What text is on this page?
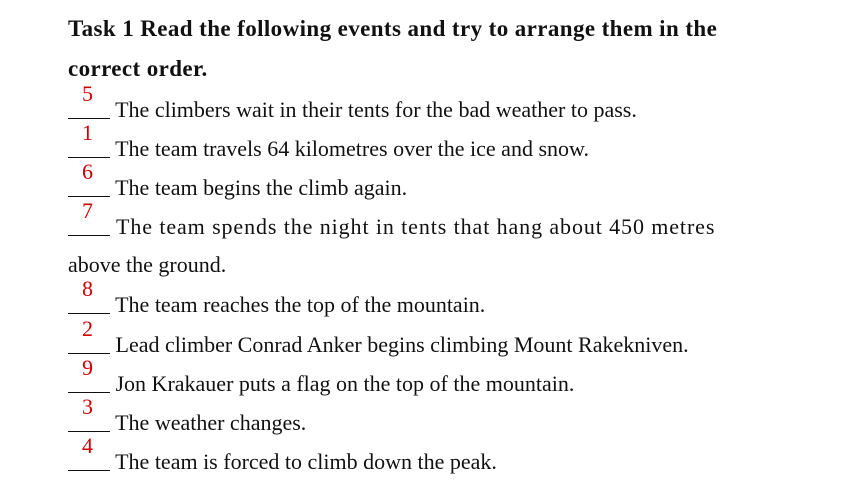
Task 1 Read the following events and try to arrange them in the
correct order.
5
The climbers wait in their tents for the bad weather to pass.
1
The team travels 64 kilometres over the ice and snow.
6
The team begins the climb again.
7
The team spends the night in tents that hang about 450 metres
above the ground.
8
The team reaches the top of the mountain.
2
Lead climber Conrad Anker begins climbing Mount Rakekniven.
9
Jon Krakauer puts a flag on the top of the mountain.
3
The weather changes.
4
The team is forced to climb down the peak.
